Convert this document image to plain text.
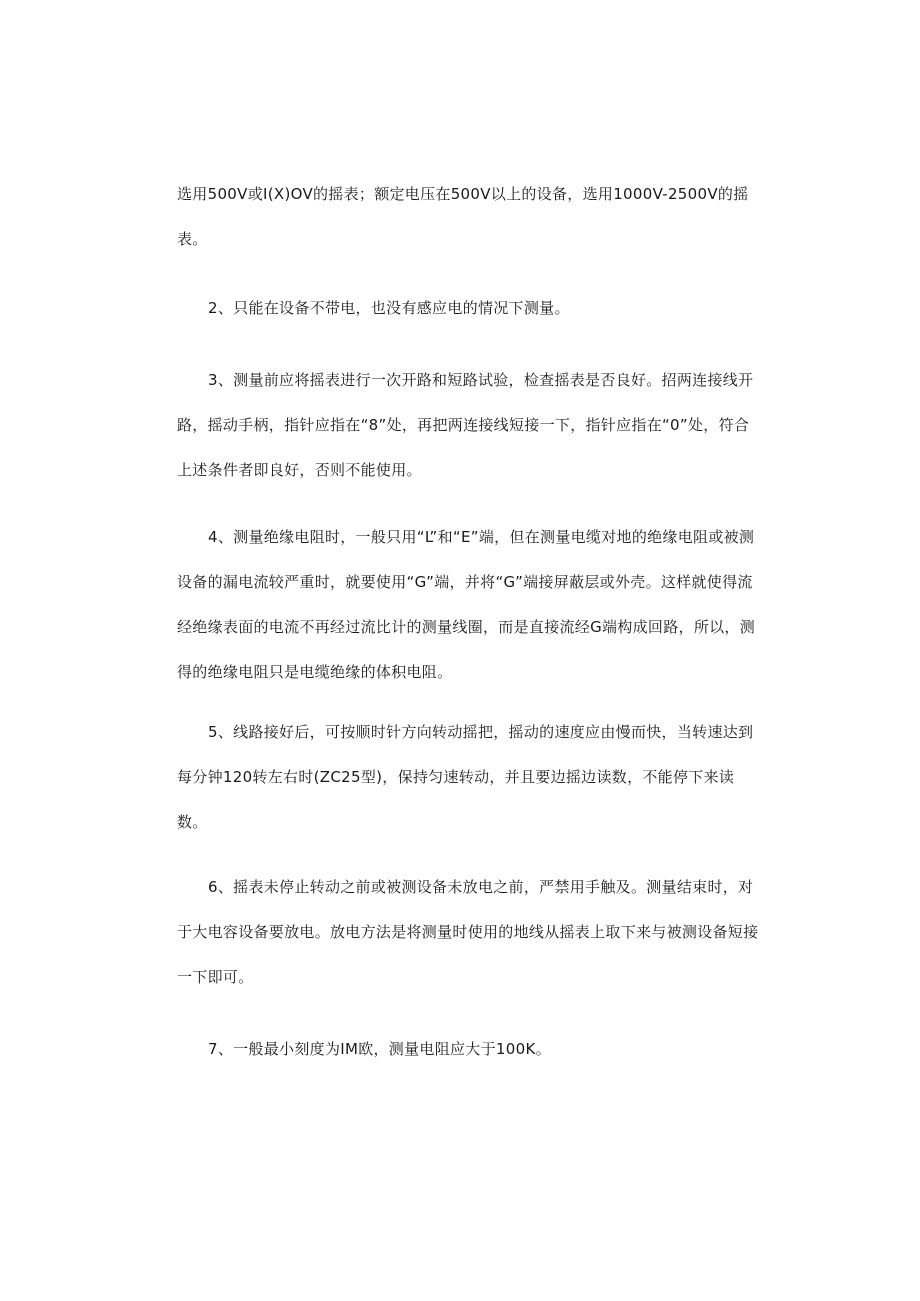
选用500V或I(X)OV的摇表；额定电压在500V以上的设备，选用1000V-2500V的摇表。

2、只能在设备不带电，也没有感应电的情况下测量。

3、测量前应将摇表进行一次开路和短路试验，检查摇表是否良好。招两连接线开路，摇动手柄，指针应指在“8”处，再把两连接线短接一下，指针应指在“0”处，符合上述条件者即良好，否则不能使用。

4、测量绝缘电阻时，一般只用“L”和“E”端，但在测量电缆对地的绝缘电阻或被测设备的漏电流较严重时，就要使用“G”端，并将“G”端接屏蔽层或外壳。这样就使得流经绝缘表面的电流不再经过流比计的测量线圈，而是直接流经G端构成回路，所以，测得的绝缘电阻只是电缆绝缘的体积电阻。

5、线路接好后，可按顺时针方向转动摇把，摇动的速度应由慢而快，当转速达到每分钟120转左右时(ZC25型)，保持匀速转动，并且要边摇边读数，不能停下来读数。

6、摇表未停止转动之前或被测设备未放电之前，严禁用手触及。测量结束时，对于大电容设备要放电。放电方法是将测量时使用的地线从摇表上取下来与被测设备短接一下即可。

7、一般最小刻度为IM欧，测量电阻应大于100K。
